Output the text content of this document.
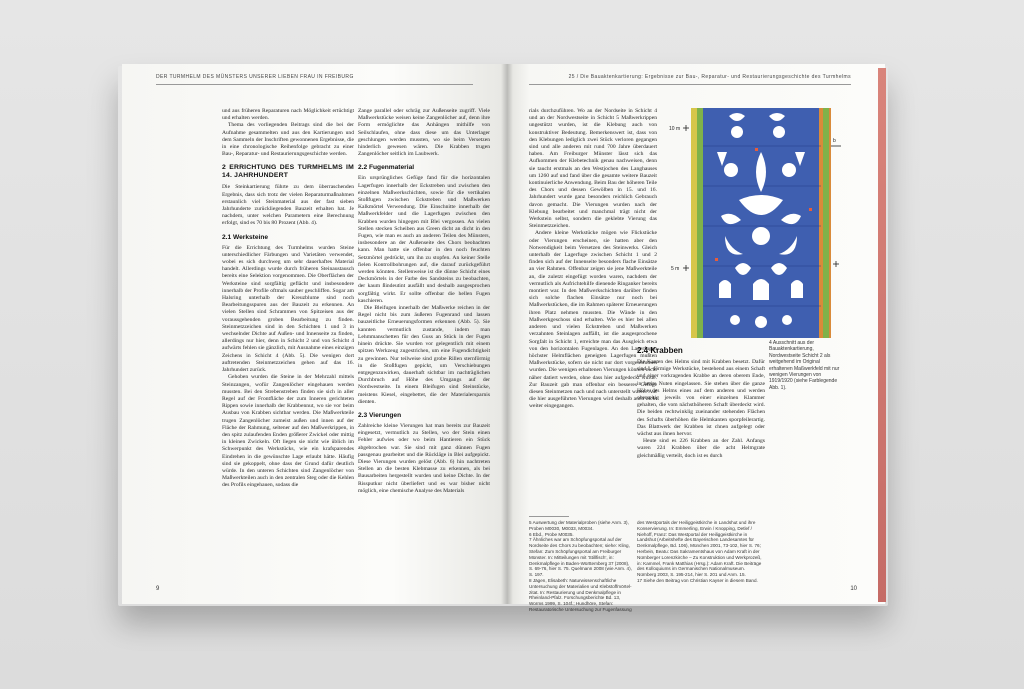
DER TURMHELM DES MÜNSTERS UNSERER LIEBEN FRAU IN FREIBURG

und aus früheren Reparaturen nach Möglichkeit ertüchtigt und erhalten werden.

Thema des vorliegenden Beitrags sind die bei der Aufnahme gesammelten und aus den Kartierungen und dem Sammeln der Inschriften gewonnenen Ergebnisse, die in eine chronologische Reihenfolge gebracht zu einer Bau-, Reparatur- und Restaurierungsgeschichte werden.

2 ERRICHTUNG DES TURMHELMS IM 14. JAHRHUNDERT

Die Steinkartierung führte zu dem überraschenden Ergebnis, dass sich trotz der vielen Reparaturmaßnahmen erstaunlich viel Steinmaterial aus der fast sieben Jahrhunderte zurückliegenden Bauzeit erhalten hat. Je nachdem, unter welchen Parametern eine Berechnung erfolgt, sind es 70 bis 80 Prozent (Abb. 4).

2.1 Werksteine

Für die Errichtung des Turmhelms wurden Steine unterschiedlicher Färbungen und Varietäten verwendet, wobei es sich durchweg um sehr dauerhaftes Material handelt. Allerdings wurde durch früheren Steinaustausch bereits eine Selektion vorgenommen. Die Oberflächen der Werksteine sind sorgfältig geflächt und insbesondere innerhalb der Profile oftmals sauber geschliffen. Sogar am Halsring unterhalb der Kreuzblume sind noch Bearbeitungsspuren aus der Bauzeit zu erkennen. An vielen Stellen sind Schrammen von Spitzeisen aus der voraussgehenden groben Bearbeitung zu finden. Steinmetzzeichen sind in den Schichten 1 und 3 in wechselnder Dichte auf Außen- und Innenseite zu finden, allerdings nur hier, denn in Schicht 2 und von Schicht 4 aufwärts fehlen sie gänzlich, mit Ausnahme eines einzigen Zeichens in Schicht 4 (Abb. 5). Die wenigen dort auftretenden Steinmetzzeichen gehen auf das 16. Jahrhundert zurück.

Gehoben wurden die Steine in der Mehrzahl mittels Steinzangen, wofür Zangenlöcher eingehauen werden mussten. Bei den Strebenstreben finden sie sich in aller Regel auf der Frontfläche der zum Inneren gerichteten Rippen sowie innerhalb der Krabbennut, wo sie vor beim Ausbau von Krabben sichtbar werden. Die Maßwerkteile trugen Zangenlöcher zumeist außen und innen auf der Fläche der Rahmung, seltener auf den Maßwerkrippen, in den spitz zulaufenden Enden größerer Zwickel oder mittig in kleinen Zwickeln. Oft liegen sie nicht wie üblich im Schwerpunkt des Werkstücks, wie ein krafsparendes Eindrehen in die gewünschte Lage erlaubt hätte. Häufig sind sie gekoppelt, ohne dass der Grund dafür deutlich würde. In den unteren Schichten sind Zangenlöcher von Maßwerkteilen auch in den zentralen Steg oder die Kehlen des Profils eingehauen, sodass die

Zange parallel oder schräg zur Außenseite zugriff. Viele Maßwerkstücke weisen keine Zangenlöcher auf, denn ihre Form ermöglichte das Anhängen mithilfe von Seilschlaufen, ohne dass diese um das Unterlager geschlungen werden mussten, wo sie beim Versetzen hinderlich gewesen wären. Die Krabben trugen Zangenlöcher seitlich im Laubwerk.

2.2 Fugenmaterial

Ein ursprüngliches Gefüge fand für die horizontalen Lagerfugen innerhalb der Eckstreben und zwischen den einzelnen Maßwerkschichten, sowie für die vertikalen Stoßfugen zwischen Eckstreben und Maßwerken Kalkmörtel Verwendung. Die Einschnitte innerhalb der Maßwerkfelder und die Lagerfugen zwischen den Krabben wurden hingegen mit Blei vergossen. An vielen Stellen stecken Scheiben aus Green dicht an dicht in den Fugen, wie man es auch an anderen Teilen des Münsters, insbesondere an der Außenseite des Chors beobachten kann. Man hatte sie offenbar in den noch feuchten Setzmörtel gedrückt, um ihn zu stopfen. An keiner Stelle fielen Kontrollbohrungen auf, die darauf zurückgeführt werden könnten. Stellenweise ist die dünne Schicht eines Deckmörtels in der Farbe des Sandsteins zu beobachten, der kaum ßindeutint ausfällt und deshalb ausgesprochen sorgfältig wirkt. Er sollte offenbar die hellen Fugen kaschieren.

Die Bleifugen innerhalb der Maßwerke reichen in der Regel nicht bis zum äußeren Fugenrand und lassen bauzeitliche Erneuerungsformen erkennen (Abb. 5). Sie kannten vermutlich zustande, indem man Lehmmanschetten für den Guss an Stück in der Fugen hinein drückte. Sie wurden vor gelegentlich mit einem spitzen Werkzeug zugestrichen, um eine Fugendichtigkeit zu gewinnen. Nur teilweise sind grobe Rillen sternförmig in die Stoßfugen gepickt, um Verschiebungen entgegenzuwirken, dauerhaft sichtbar im nachträglichen Durchbruch auf Höhe des Umgangs auf der Nordwestseite. In einem Bleifugen sind Steinstücke, meistens Kiesel, eingebettet, die der Materialersparnis dienten.

2.3 Vierungen

Zahlreiche kleine Vierungen hat man bereits zur Bauzeit eingesetzt, vermutlich zu Stellen, wo der Stein einen Fehler aufwies oder wo beim Hantieren ein Stück abgebrochen war. Sie sind mit ganz dünnen Fugen passgenau gearbeitet und die Rückläge in Blei aufgepickt. Diese Vierungen wurden gelöst (Abb. 6) hin nachtreten Stellen an die besten Klebmasse zu erkennen, als bei Bausarbeiten hergestellt wurden und keine Dichte. In der Rissputkur nicht überliefert und es war bisher nicht möglich, eine chemische Analyse des Materials

9
25 / Die Bauaktenkartierung: Ergebnisse zur Bau-, Reparatur- und Restaurierungsgeschichte des Turmhelms

rials durchzuführen. Wo an der Nordseite in Schicht 4 und an der Nordwestseite in Schicht 5 Maßwerkrippen ungestützt wurden, ist die Klebung auch von konstruktiver Bedeutung. Bemerkenswert ist, dass von den Klebungen lediglich zwei Stück verloren gegangen sind und alle anderen mit rund 700 Jahre überdauert haben. Am Freiburger Münster lässt sich das Aufkommen der Klebetechnik genau nachweisen, denn sie taucht erstmals an den Westjochen des Langhauses um 1260 auf und fand über die gesamte weitere Bauzeit kontinuierliche Anwendung. Beim Bau der höheren Teile des Chors und dessen Gewölben in 15. und 16. Jahrhundert wurde ganz besonders reichlich Gebrauch davon gemacht. Die Vierungen wurden nach der Klebung bearbeitet und manchmal trägt nicht der Werkstein selbst, sondern die geklebte Vierung das Steinmetzzeichen.

Andere kleine Werkstücke mögen wie Flickstücke oder Vierungen erscheinen, sie hatten aber den Notwendigkeit beim Versetzen des Steinwerks. Gleich unterhalb der Lagerfuge zwischen Schicht 1 und 2 finden sich auf der Innenseite besonders flache Einsätze an vier Rahmen. Offenbar zeigen sie jene Maßwerkteile an, die zuletzt eingefügt worden waren, nachdem der vermutlich als Aufrichtehilfe dienende Ringanker bereits montiert war. In den Maßwerkschichten darüber finden sich solche flachen Einsätze nur noch bei Maßwerkstücken, die im Rahmen späterer Erneuerungen ihren Platz nehmen mussten. Die Wände in den Maßwerkgeschoss sind erhalten. Wie es hier bei allen anderen und vielen Eckstreben und Maßwerken verzahnten Steinlagen auffällt, ist die ausgesprochene Sorgfalt in Schicht 1, erreichte man das Ausgleich etwa von den horizontalen Fugenlagen. An den Lagerfugen höchster Helmflächen geneigten Lagerfugen mußten Maßwerkstücke, sofern sie nicht nur dort vorgenommen wurden. Die wenigen erhaltenen Vierungen können nicht näher datiert werden, ohne dass hier aufgedeckt wurde. Zur Bauzeit gab man offenbar ein besseres Gefüge diesen Steinmetzen nach und nach unterstellt waren. Auf die hier ausgeführten Vierungen wird deshalb auch nicht weiter eingegangen.

10 m
5 m
b
2.4 Krabben

Die Kanten des Helms sind mit Krabben besetzt. Dafür sind L-förmige Werkstücke, bestehend aus einem Schaft und einer vorkragenden Krabbe an deren oberem Ende, in breite Nuten eingelassen. Sie stehen über die ganze Höhe des Helms eines auf dem anderen und werden oberseitig jeweils von einer einzelnen Klammer gehalten, die vom nächsthöheren Schaft überdeckt wird. Die beiden rechtwinklig zueinander stehenden Flächen des Schafts überhöhen die Helmkanten sporpfeilerartig. Das Blattwerk der Krabben ist chnen aufgelegt oder wächst aus ihnen hervor.

Heute sind es 226 Krabben an der Zahl. Anfangs waren 224 Krabben über die acht Helmgrate gleichmäßig verteilt, doch ist es durch

4 Ausschnitt aus der Bauaktenkartierung, Nordwestseite Schicht 2 als weitgehend im Original erhaltenen Maßwerkfeld mit nur wenigen Vierungen von 1919/1920 (siehe Farblegende Abb. 1).
5 Auswertung der Materialproben (siehe Anm. 3), Proben M0030, M0033, M0034.
6 Ebd., Probe M0035.
7 Ähnliches war am Schöpfungsportal auf der Nordseite des Chors zu beobachten; siehe: Kling, Stefan: Zum Schöpfungsportal am Freiburger Münster. In: Mitteilungen mit 'Stillfisch', in: Denkmalpflege in Baden-Württemberg 37 (2008), S. 69-76, hier S. 75. Quelmann 2008 (wie Anm. 4), S. 197.
8 Jägen, Elisabeth: Naturwissenschaftliche Untersuchung der Materialien und Klebstoffmörtel-zitat. In: Restaurierung und Denkmalpflege in Rheinland-Pfalz. Forschungsberichte Bd. 13, Worms 1999, S. 104f.; Hundhöre, Stefan: Restauratorische Untersuchung zur Fugenfassung
des Westportals der Heiliggeistkirche in Landshut und ihre Konservierung. In: Emmerling, Erwin / Knopping, Detlef / Niehoff, Franz: Das Westportal der Heiliggeistkirche in Landshut (Arbeitshefte des Bayerischen Landesamtes für Denkmalpflege, Bd. 106), München 2001, 73-102, hier S. 76; Herbein, Beatu: Das Sakramentshaus von Adam Kraft in der Nürnberger Lorenzkirche – Zu Konstruktion und Werkprozeß, in: Kammel, Frank Matthias (Hrsg.): Adam Kraft. Die Beiträge des Kolloquiums im Germanischen Nationalmuseum. Nürnberg 2003, S. 195-214, hier S. 201 und Anm. 15.
17 Siehe den Beitrag von Christian Kayser in diesem Band.
10
